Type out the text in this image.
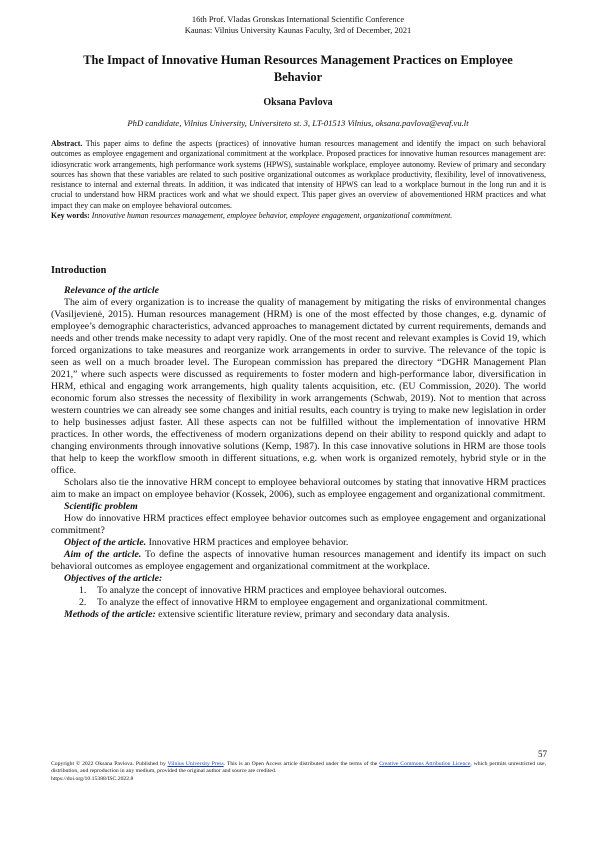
16th Prof. Vladas Gronskas International Scientific Conference
Kaunas: Vilnius University Kaunas Faculty, 3rd of December, 2021
The Impact of Innovative Human Resources Management Practices on Employee Behavior
Oksana Pavlova
PhD candidate, Vilnius University, Universiteto st. 3, LT-01513 Vilnius, oksana.pavlova@evaf.vu.lt
Abstract. This paper aims to define the aspects (practices) of innovative human resources management and identify the impact on such behavioral outcomes as employee engagement and organizational commitment at the workplace. Proposed practices for innovative human resources management are: idiosyncratic work arrangements, high performance work systems (HPWS), sustainable workplace, employee autonomy. Review of primary and secondary sources has shown that these variables are related to such positive organizational outcomes as workplace productivity, flexibility, level of innovativeness, resistance to internal and external threats. In addition, it was indicated that intensity of HPWS can lead to a workplace burnout in the long run and it is crucial to understand how HRM practices work and what we should expect. This paper gives an overview of abovementioned HRM practices and what impact they can make on employee behavioral outcomes.
Key words: Innovative human resources management, employee behavior, employee engagement, organizational commitment.
Introduction

Relevance of the article

The aim of every organization is to increase the quality of management by mitigating the risks of environmental changes (Vasiljevienė, 2015). Human resources management (HRM) is one of the most effected by those changes, e.g. dynamic of employee’s demographic characteristics, advanced approaches to management dictated by current requirements, demands and needs and other trends make necessity to adapt very rapidly. One of the most recent and relevant examples is Covid 19, which forced organizations to take measures and reorganize work arrangements in order to survive. The relevance of the topic is seen as well on a much broader level. The European commission has prepared the directory “DGHR Management Plan 2021,” where such aspects were discussed as requirements to foster modern and high-performance labor, diversification in HRM, ethical and engaging work arrangements, high quality talents acquisition, etc. (EU Commission, 2020). The world economic forum also stresses the necessity of flexibility in work arrangements (Schwab, 2019). Not to mention that across western countries we can already see some changes and initial results, each country is trying to make new legislation in order to help businesses adjust faster. All these aspects can not be fulfilled without the implementation of innovative HRM practices. In other words, the effectiveness of modern organizations depend on their ability to respond quickly and adapt to changing environments through innovative solutions (Kemp, 1987). In this case innovative solutions in HRM are those tools that help to keep the workflow smooth in different situations, e.g. when work is organized remotely, hybrid style or in the office.

Scholars also tie the innovative HRM concept to employee behavioral outcomes by stating that innovative HRM practices aim to make an impact on employee behavior (Kossek, 2006), such as employee engagement and organizational commitment.

Scientific problem

How do innovative HRM practices effect employee behavior outcomes such as employee engagement and organizational commitment?

Object of the article. Innovative HRM practices and employee behavior.

Aim of the article. To define the aspects of innovative human resources management and identify its impact on such behavioral outcomes as employee engagement and organizational commitment at the workplace.

Objectives of the article:

1. To analyze the concept of innovative HRM practices and employee behavioral outcomes.
2. To analyze the effect of innovative HRM to employee engagement and organizational commitment.

Methods of the article: extensive scientific literature review, primary and secondary data analysis.

57
Copyright © 2022 Oksana Pavlova. Published by Vilnius University Press. This is an Open Access article distributed under the terms of the Creative Commons Attribution Licence, which permits unrestricted use, distribution, and reproduction in any medium, provided the original author and source are credited.
https://doi.org/10.15388/ISC.2022.8
